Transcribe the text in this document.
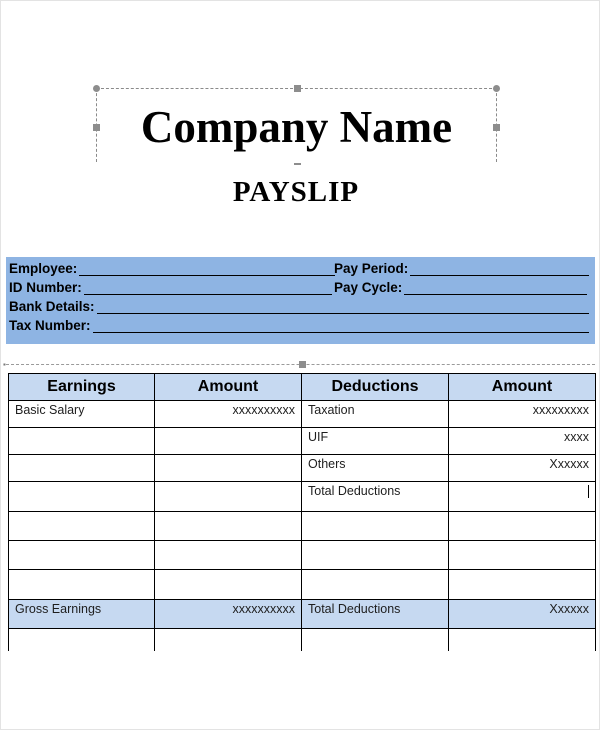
Company Name
PAYSLIP
Employee:	Pay Period:
ID Number:	Pay Cycle:
Bank Details:
Tax Number:
▪
Earnings	Amount	Deductions	Amount
Basic Salary	xxxxxxxxxx	Taxation	xxxxxxxxx
		UIF	xxxx
		Others	Xxxxxx
		Total Deductions	

Gross Earnings	xxxxxxxxxx	Total Deductions	Xxxxxx
